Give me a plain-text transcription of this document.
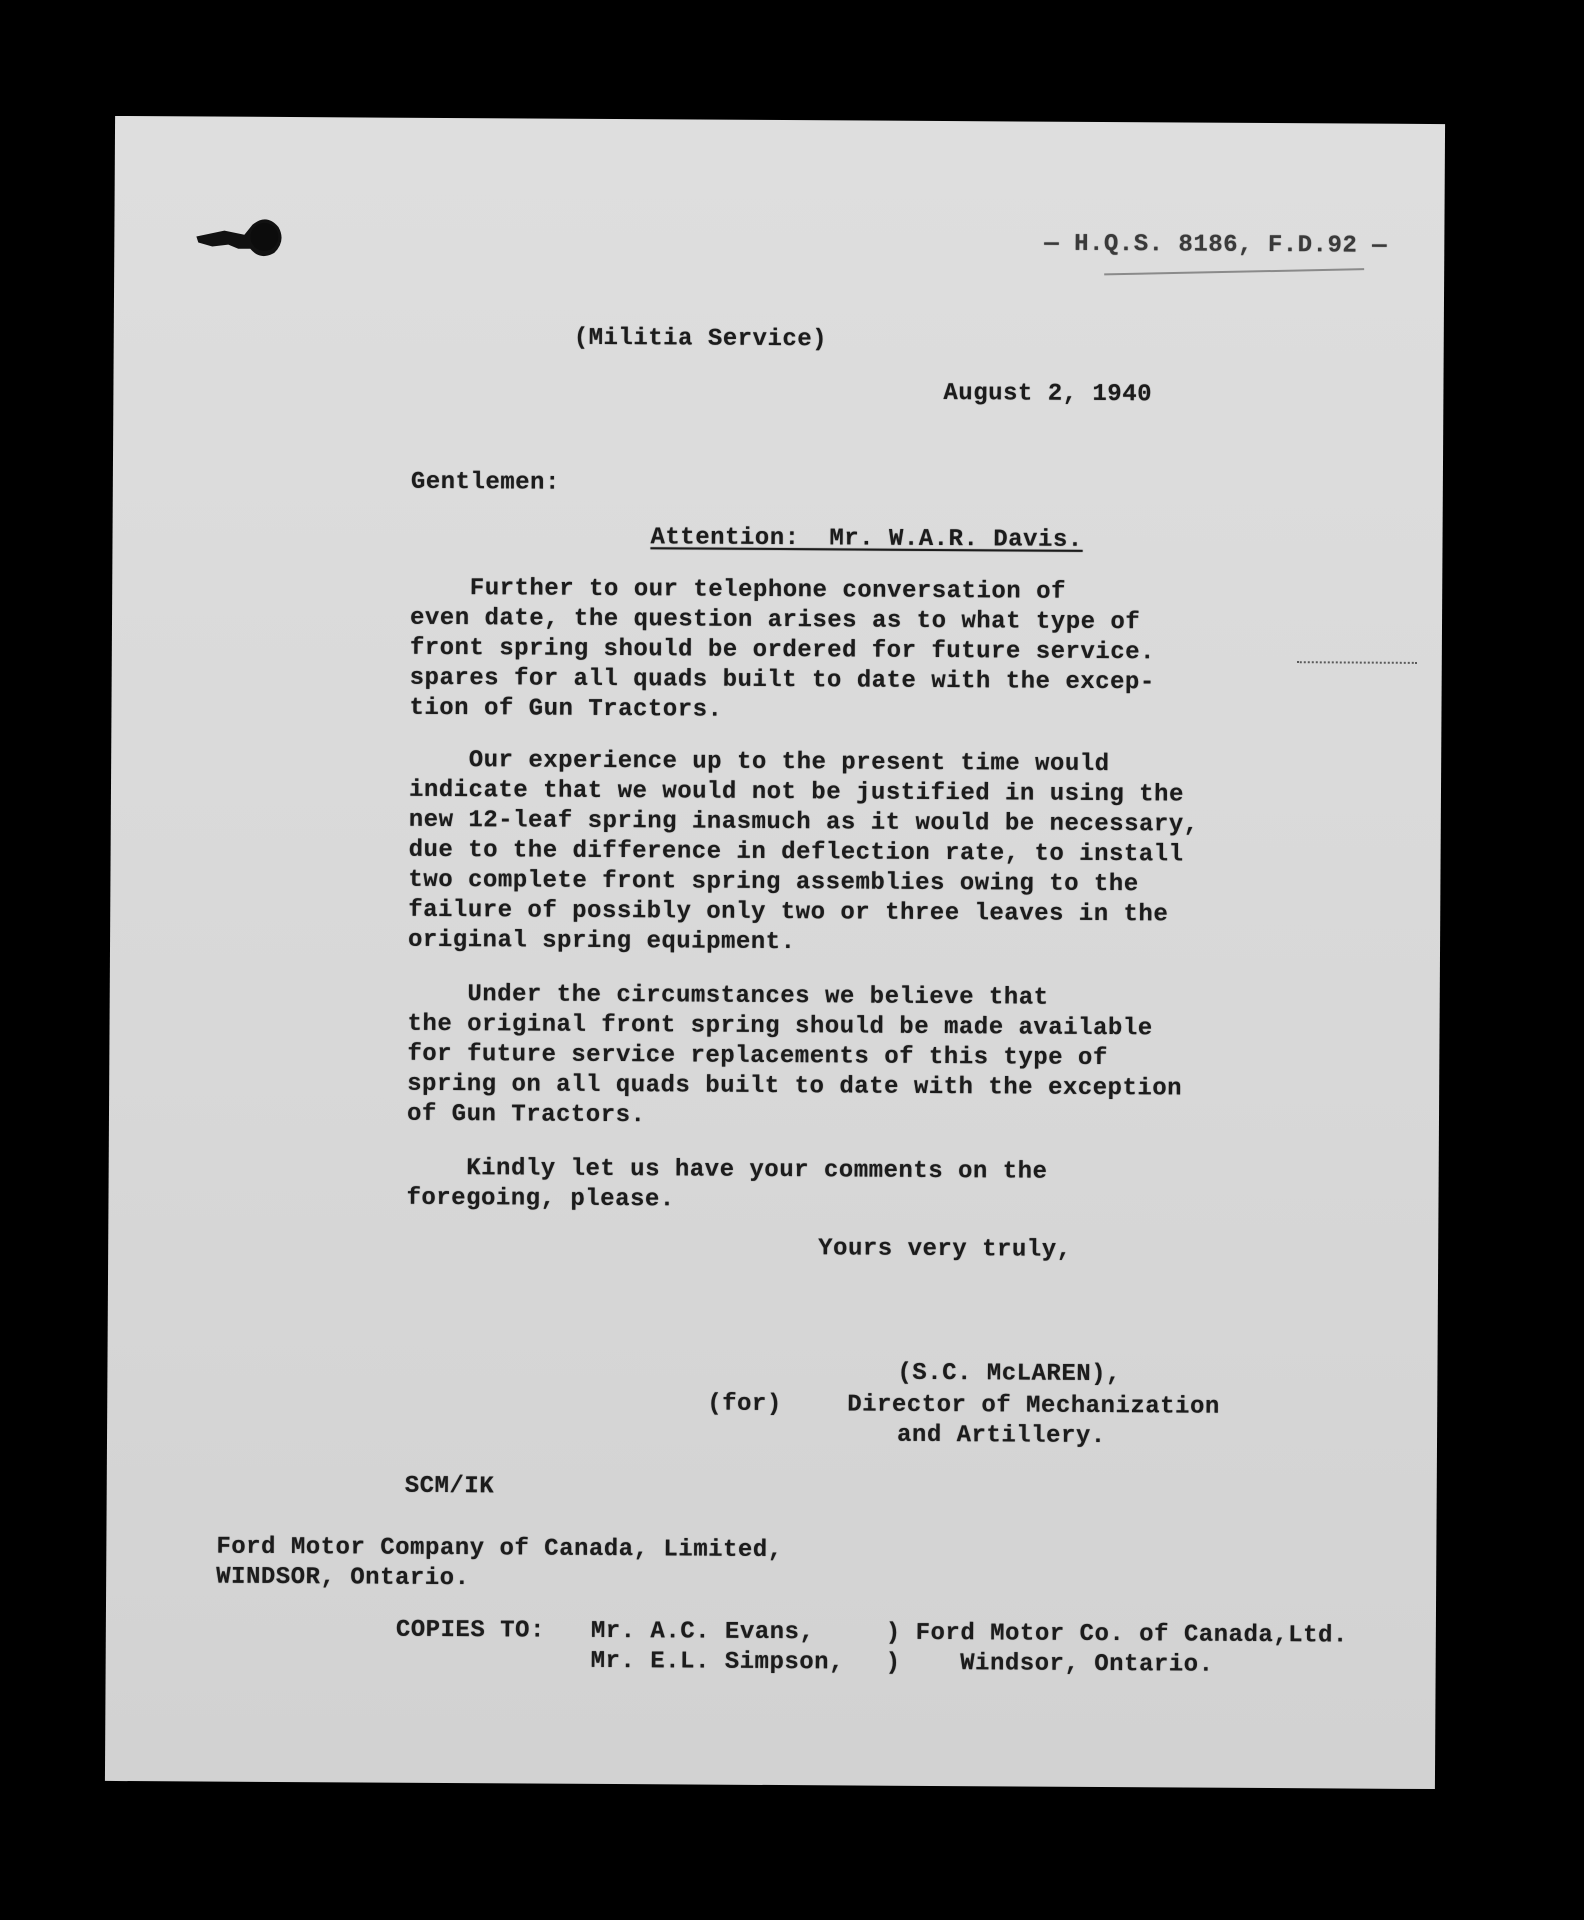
— H.Q.S. 8186, F.D.92 —
(Militia Service)
August 2, 1940
Gentlemen:
Attention:  Mr. W.A.R. Davis.
Further to our telephone conversation of
even date, the question arises as to what type of
front spring should be ordered for future service.
spares for all quads built to date with the excep-
tion of Gun Tractors.
Our experience up to the present time would
indicate that we would not be justified in using the
new 12-leaf spring inasmuch as it would be necessary,
due to the difference in deflection rate, to install
two complete front spring assemblies owing to the
failure of possibly only two or three leaves in the
original spring equipment.
Under the circumstances we believe that
the original front spring should be made available
for future service replacements of this type of
spring on all quads built to date with the exception
of Gun Tractors.
Kindly let us have your comments on the
foregoing, please.
Yours very truly,
(S.C. McLAREN),
(for)	Director of Mechanization
and Artillery.
SCM/IK
Ford Motor Company of Canada, Limited,
WINDSOR, Ontario.
COPIES TO: Mr. A.C. Evans,
Mr. E.L. Simpson,
) Ford Motor Co. of Canada,Ltd.
)    Windsor, Ontario.
